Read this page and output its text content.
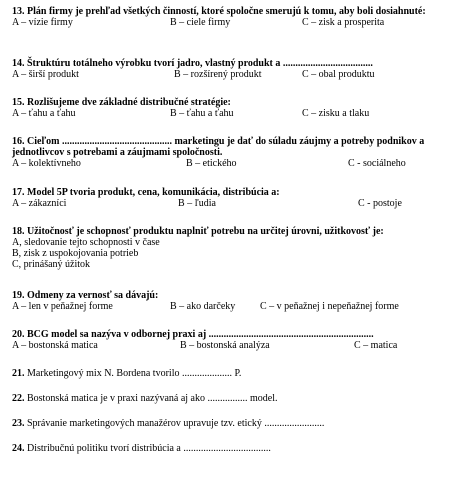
13. Plán firmy je prehľad všetkých činností, ktoré spoločne smerujú k tomu, aby boli dosiahnuté:
A – vízie firmy	B – ciele firmy	C – zisk a prosperita
14. Štruktúru totálneho výrobku tvorí jadro, vlastný produkt a ....................................
A – širší produkt	B – rozšírený produkt	C – obal produktu
15. Rozlišujeme dve základné distribučné stratégie:
A – ťahu a ťahu	B – ťahu a ťahu	C – zisku a tlaku
16. Cieľom ............................................ marketingu je dať do súladu záujmy a potreby podnikov a jednotlivcov s potrebami a záujmami spoločnosti.
A – kolektívneho	B – etického	C - sociálneho
17. Model 5P tvoria produkt, cena, komunikácia, distribúcia a:
A – zákazníci	B – ľudia	C - postoje
18. Užitočnosť je schopnosť produktu naplniť potrebu na určitej úrovni, užitkovosť je:
A, sledovanie tejto schopnosti v čase
B, zisk z uspokojovania potrieb
C, prinášaný úžitok
19. Odmeny za vernosť sa dávajú:
A – len v peňažnej forme	B – ako darčeky C – v peňažnej i nepeňažnej forme
20. BCG model sa nazýva v odbornej praxi aj ..................................................................
A – bostonská matica	B – bostonská analýza	C – matica
21. Marketingový mix N. Bordena tvorilo .................... P.
22. Bostonská matica je v praxi nazývaná aj ako ................ model.
23. Správanie marketingových manažérov upravuje tzv. etický ........................
24. Distribučnú politiku tvorí distribúcia a ...................................
